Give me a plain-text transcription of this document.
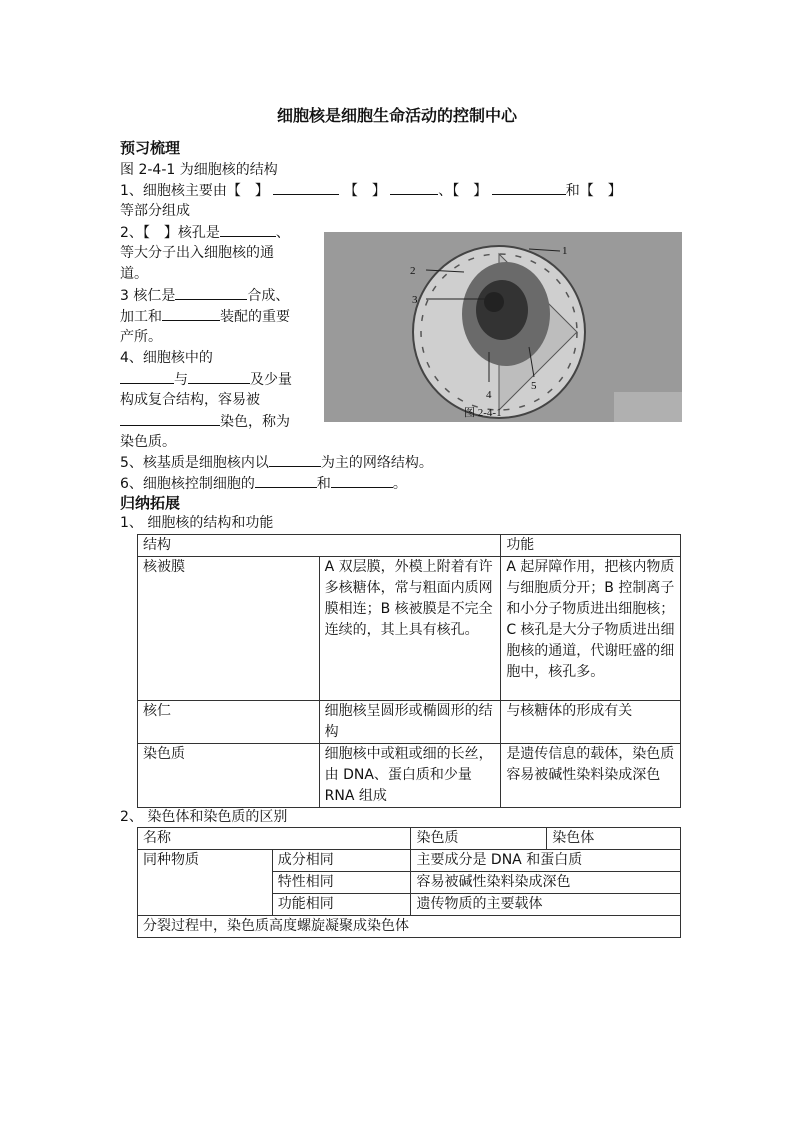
细胞核是细胞生命活动的控制中心
预习梳理
图 2-4-1 为细胞核的结构
1、细胞核主要由【　】	【　】	、【　】	和【　】
等部分组成
2、【　】核孔是	、
等大分子出入细胞核的通
道。
3 核仁是	合成、
加工和	装配的重要
产所。
4、细胞核中的
与	及少量
构成复合结构，容易被
染色，称为
染色质。
1
2
3
4
5
图 2-4-1
5、核基质是细胞核内以	为主的网络结构。
6、细胞核控制细胞的	和	。
归纳拓展
1、 细胞核的结构和功能
结构		功能
核被膜	A 双层膜，外模上附着有许多核糖体，常与粗面内质网膜相连；B 核被膜是不完全连续的，其上具有核孔。	A 起屏障作用，把核内物质与细胞质分开；B 控制离子和小分子物质进出细胞核；C 核孔是大分子物质进出细胞核的通道，代谢旺盛的细胞中，核孔多。
核仁	细胞核呈圆形或椭圆形的结构	与核糖体的形成有关
染色质	细胞核中或粗或细的长丝，由 DNA、蛋白质和少量 RNA 组成	是遗传信息的载体，染色质容易被碱性染料染成深色
2、 染色体和染色质的区别
名称		染色质	染色体
同种物质	成分相同	主要成分是 DNA 和蛋白质	
	特性相同	容易被碱性染料染成深色	
	功能相同	遗传物质的主要载体	
分裂过程中，染色质高度螺旋凝聚成染色体			
